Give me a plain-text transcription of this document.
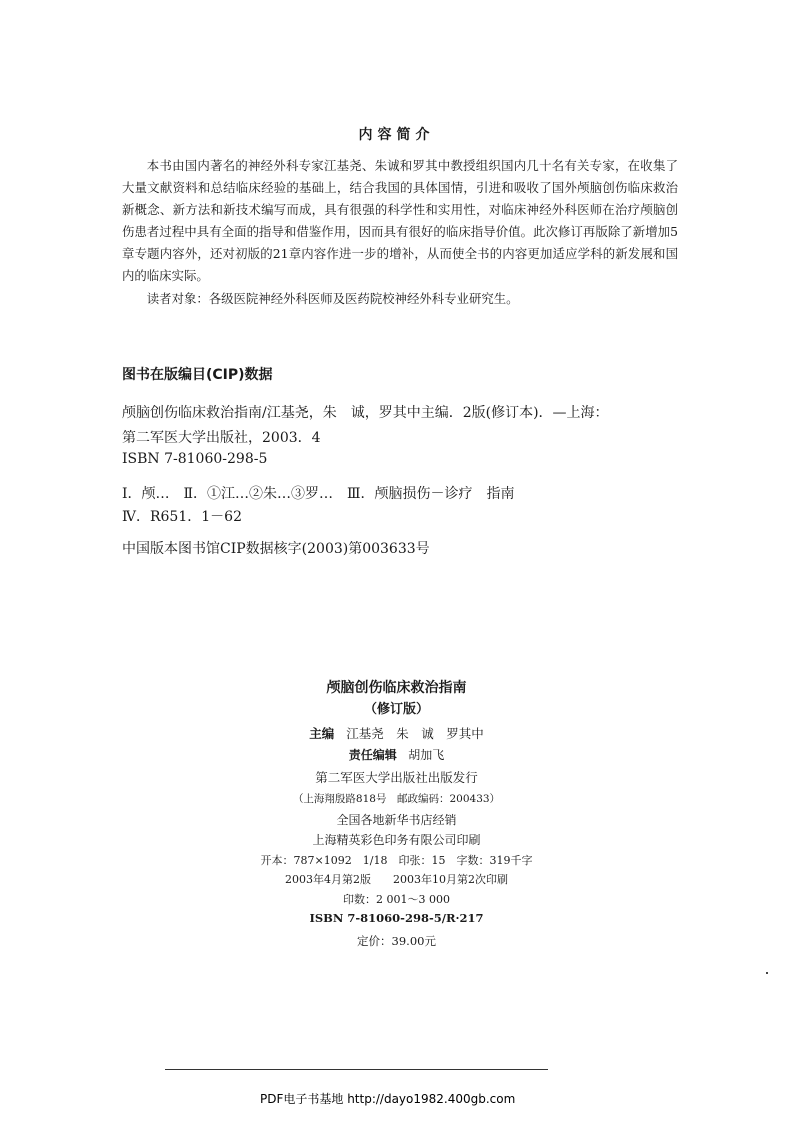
内容简介

本书由国内著名的神经外科专家江基尧、朱诚和罗其中教授组织国内几十名有关专家，在收集了大量文献资料和总结临床经验的基础上，结合我国的具体国情，引进和吸收了国外颅脑创伤临床救治新概念、新方法和新技术编写而成，具有很强的科学性和实用性，对临床神经外科医师在治疗颅脑创伤患者过程中具有全面的指导和借鉴作用，因而具有很好的临床指导价值。此次修订再版除了新增加5章专题内容外，还对初版的21章内容作进一步的增补，从而使全书的内容更加适应学科的新发展和国内的临床实际。

读者对象：各级医院神经外科医师及医药院校神经外科专业研究生。
图书在版编目(CIP)数据
颅脑创伤临床救治指南/江基尧，朱　诚，罗其中主编．2版(修订本)．—上海：
第二军医大学出版社，2003．4
ISBN 7-81060-298-5
Ⅰ．颅…　Ⅱ．①江…②朱…③罗…　Ⅲ．颅脑损伤－诊疗　指南
Ⅳ．R651．1－62
中国版本图书馆CIP数据核字(2003)第003633号
颅脑创伤临床救治指南
（修订版）
主编 江基尧　朱　诚　罗其中
责任编辑 胡加飞
第二军医大学出版社出版发行
（上海翔殷路818号　邮政编码：200433）
全国各地新华书店经销
上海精英彩色印务有限公司印刷
开本：787×1092　1/18　印张：15　字数：319千字
2003年4月第2版　　2003年10月第2次印刷
印数：2 001～3 000
ISBN 7-81060-298-5/R·217
定价：39.00元
PDF电子书基地 http://dayo1982.400gb.com
